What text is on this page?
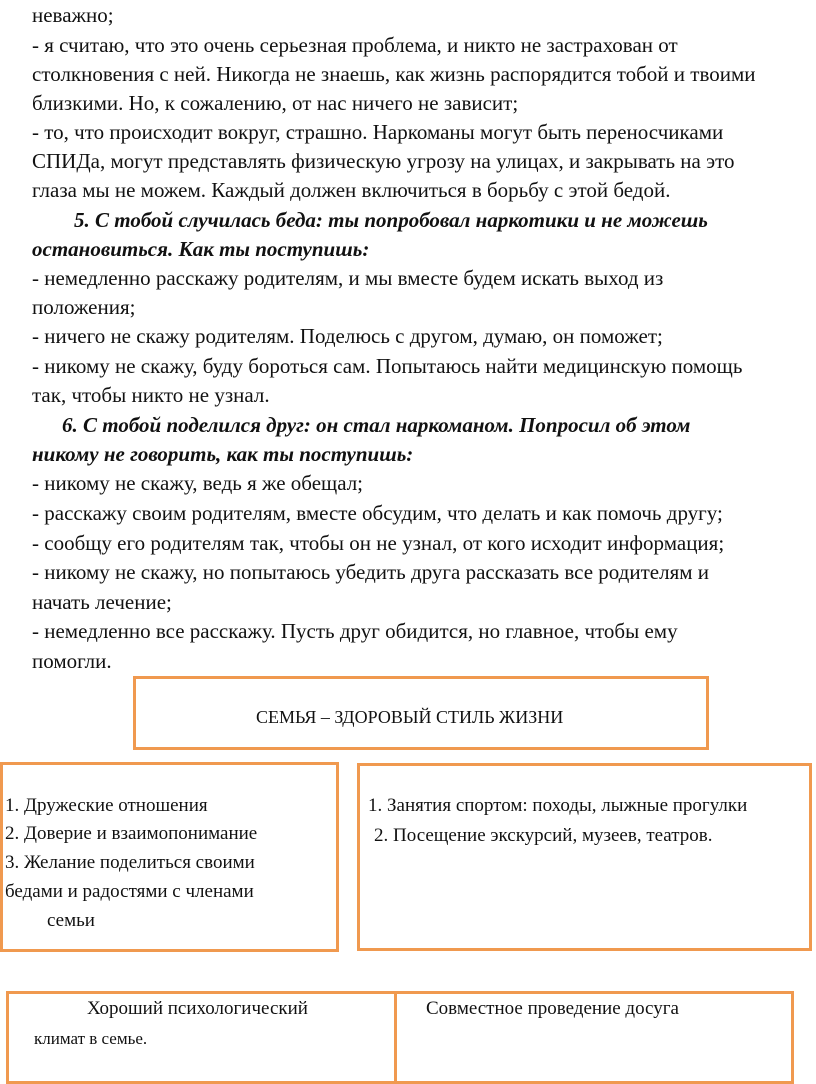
неважно;
- я считаю, что это очень серьезная проблема, и никто не застрахован от
столкновения с ней. Никогда не знаешь, как жизнь распорядится тобой и твоими
близкими. Но, к сожалению, от нас ничего не зависит;
- то, что происходит вокруг, страшно. Наркоманы могут быть переносчиками
СПИДа, могут представлять физическую угрозу на улицах, и закрывать на это
глаза мы не можем. Каждый должен включиться в борьбу с этой бедой.
5. С тобой случилась беда: ты попробовал наркотики и не можешь
остановиться. Как ты поступишь:
- немедленно расскажу родителям, и мы вместе будем искать выход из
положения;
- ничего не скажу родителям. Поделюсь с другом, думаю, он поможет;
- никому не скажу, буду бороться сам. Попытаюсь найти медицинскую помощь
так, чтобы никто не узнал.
6. С тобой поделился друг: он стал наркоманом. Попросил об этом
никому не говорить, как ты поступишь:
- никому не скажу, ведь я же обещал;
- расскажу своим родителям, вместе обсудим, что делать и как помочь другу;
- сообщу его родителям так, чтобы он не узнал, от кого исходит информация;
- никому не скажу, но попытаюсь убедить друга рассказать все родителям и
начать лечение;
- немедленно все расскажу. Пусть друг обидится, но главное, чтобы ему
помогли.
СЕМЬЯ – ЗДОРОВЫЙ СТИЛЬ ЖИЗНИ
1. Дружеские отношения
2. Доверие и взаимопонимание
3. Желание поделиться своими
бедами и радостями с членами
семьи
1. Занятия спортом: походы, лыжные прогулки
2. Посещение экскурсий, музеев, театров.
Хороший психологический
климат в семье.
Совместное проведение досуга
